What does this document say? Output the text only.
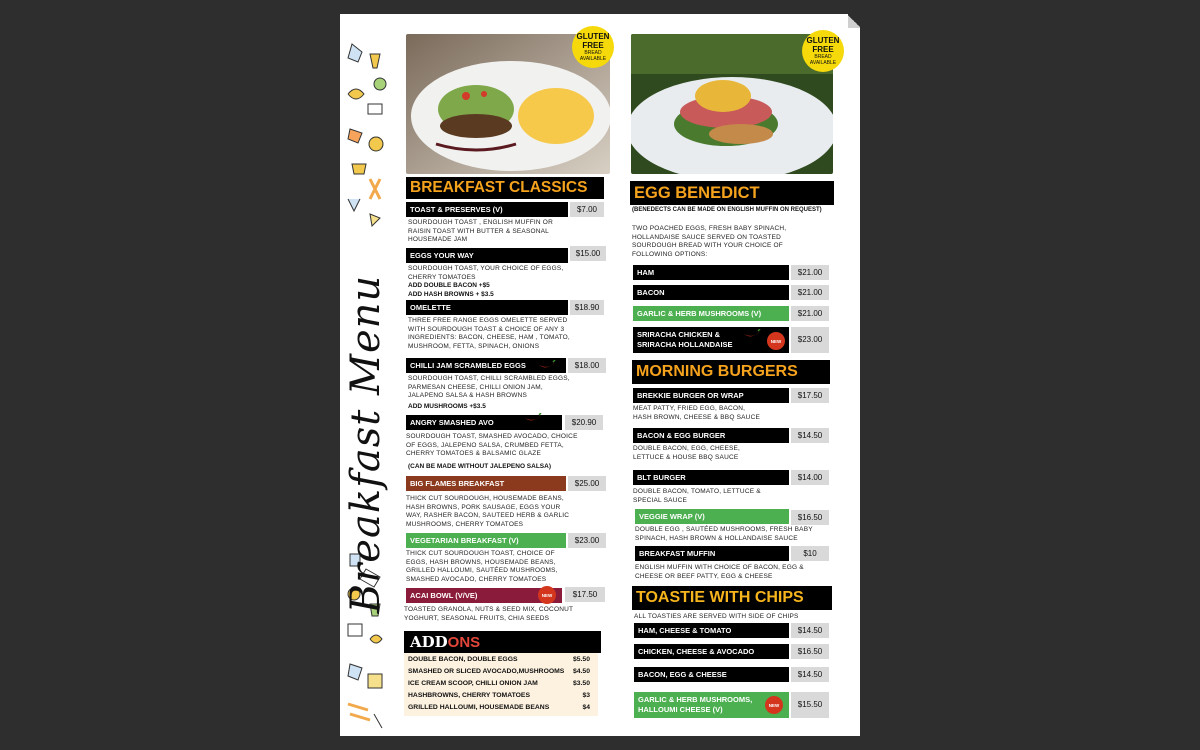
Breakfast Menu
GLUTEN FREE
BREAD AVAILABLE
GLUTEN FREE
BREAD AVAILABLE
BREAKFAST CLASSICS
TOAST & PRESERVES (V)	$7.00
SOURDOUGH TOAST , ENGLISH MUFFIN OR
RAISIN TOAST WITH BUTTER & SEASONAL
HOUSEMADE JAM
EGGS YOUR WAY	$15.00
SOURDOUGH TOAST, YOUR CHOICE OF EGGS,
CHERRY TOMATOES
ADD DOUBLE BACON +$5
ADD HASH BROWNS + $3.5
OMELETTE	$18.90
THREE FREE RANGE EGGS OMELETTE SERVED
WITH SOURDOUGH TOAST & CHOICE OF ANY 3
INGREDIENTS: BACON, CHEESE, HAM , TOMATO,
MUSHROOM, FETTA, SPINACH, ONIONS
CHILLI JAM SCRAMBLED EGGS	$18.00
SOURDOUGH TOAST, CHILLI SCRAMBLED EGGS,
PARMESAN CHEESE, CHILLI ONION JAM,
JALAPENO SALSA & HASH BROWNS
ADD MUSHROOMS +$3.5
ANGRY SMASHED AVO	$20.90
SOURDOUGH TOAST, SMASHED AVOCADO, CHOICE
OF EGGS, JALEPENO SALSA, CRUMBED FETTA,
CHERRY TOMATOES & BALSAMIC GLAZE
(CAN BE MADE WITHOUT JALEPENO SALSA)
BIG FLAMES BREAKFAST	$25.00
THICK CUT SOURDOUGH, HOUSEMADE BEANS,
HASH BROWNS, PORK SAUSAGE, EGGS YOUR
WAY, RASHER BACON, SAUTEED HERB & GARLIC
MUSHROOMS, CHERRY TOMATOES
VEGETARIAN BREAKFAST (V)	$23.00
THICK CUT SOURDOUGH TOAST, CHOICE OF
EGGS, HASH BROWNS, HOUSEMADE BEANS,
GRILLED HALLOUMI, SAUTÉED MUSHROOMS,
SMASHED AVOCADO, CHERRY TOMATOES
ACAI BOWL (V/VE)	NEW	$17.50
TOASTED GRANOLA, NUTS & SEED MIX, COCONUT
YOGHURT, SEASONAL FRUITS, CHIA SEEDS
ADDONS
DOUBLE BACON, DOUBLE EGGS	$5.50
SMASHED OR SLICED AVOCADO,MUSHROOMS $4.50
ICE CREAM SCOOP, CHILLI ONION JAM	$3.50
HASHBROWNS, CHERRY TOMATOES	$3
GRILLED HALLOUMI, HOUSEMADE BEANS	$4
EGG BENEDICT
(BENEDECTS CAN BE MADE ON ENGLISH MUFFIN ON REQUEST)
TWO POACHED EGGS, FRESH BABY SPINACH,
HOLLANDAISE SAUCE SERVED ON TOASTED
SOURDOUGH BREAD WITH YOUR CHOICE OF
FOLLOWING OPTIONS:
HAM	$21.00
BACON	$21.00
GARLIC & HERB MUSHROOMS (V)	$21.00
SRIRACHA CHICKEN &
SRIRACHA HOLLANDAISE	NEW	$23.00
MORNING BURGERS
BREKKIE BURGER OR WRAP	$17.50
MEAT PATTY, FRIED EGG, BACON,
HASH BROWN, CHEESE & BBQ SAUCE
BACON & EGG BURGER	$14.50
DOUBLE BACON, EGG, CHEESE,
LETTUCE & HOUSE BBQ SAUCE
BLT BURGER	$14.00
DOUBLE BACON, TOMATO, LETTUCE &
SPECIAL SAUCE
VEGGIE WRAP (V)	$16.50
DOUBLE EGG , SAUTÉED MUSHROOMS, FRESH BABY
SPINACH, HASH BROWN & HOLLANDAISE SAUCE
BREAKFAST MUFFIN	$10
ENGLISH MUFFIN WITH CHOICE OF BACON, EGG &
CHEESE OR BEEF PATTY, EGG & CHEESE
TOASTIE WITH CHIPS
ALL TOASTIES ARE SERVED WITH SIDE OF CHIPS
HAM, CHEESE & TOMATO	$14.50
CHICKEN, CHEESE & AVOCADO	$16.50
BACON, EGG & CHEESE	$14.50
GARLIC & HERB MUSHROOMS,
HALLOUMI CHEESE (V)	NEW	$15.50
